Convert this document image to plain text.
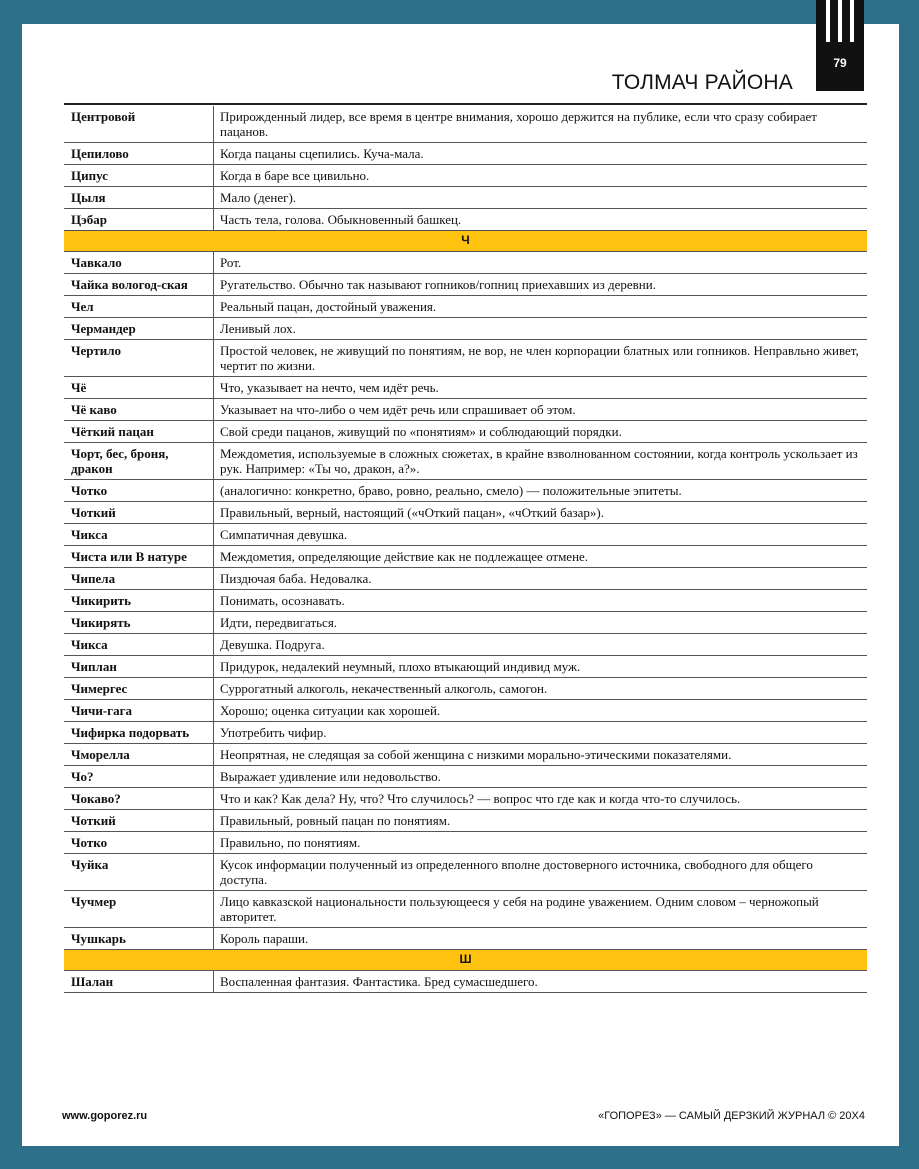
79
ТОЛМАЧ РАЙОНА
Центровой	Прирожденный лидер, все время в центре внимания, хорошо держится на публике, если что сразу собирает пацанов.
Цепилово	Когда пацаны сцепились. Куча-мала.
Ципус	Когда в баре все цивильно.
Цыля	Мало (денег).
Цэбар	Часть тела, голова. Обыкновенный башкец.
Ч	
Чавкало	Рот.
Чайка вологод-ская	Ругательство. Обычно так называют гопников/гопниц приехавших из деревни.
Чел	Реальный пацан, достойный уважения.
Чермандер	Ленивый лох.
Чертило	Простой человек, не живущий по понятиям, не вор, не член корпорации блатных или гопников. Неправльно живет, чертит по жизни.
Чё	Что, указывает на нечто, чем идёт речь.
Чё каво	Указывает на что-либо о чем идёт речь или спрашивает об этом.
Чёткий пацан	Свой среди пацанов, живущий по «понятиям» и соблюдающий порядки.
Чорт, бес, броня, дракон	Междометия, используемые в сложных сюжетах, в крайне взволнованном состоянии, когда контроль ускользает из рук. Например: «Ты чо, дракон, а?».
Чотко	(аналогично: конкретно, браво, ровно, реально, смело) — положительные эпитеты.
Чоткий	Правильный, верный, настоящий («чОткий пацан», «чОткий базар»).
Чикса	Симпатичная девушка.
Чиста или В натуре	Междометия, определяющие действие как не подлежащее отмене.
Чипела	Пиздючая баба. Недовалка.
Чикирить	Понимать, осознавать.
Чикирять	Идти, передвигаться.
Чикса	Девушка. Подруга.
Чиплан	Придурок, недалекий неумный, плохо втыкающий индивид муж.
Чимергес	Суррогатный алкоголь, некачественный алкоголь, самогон.
Чичи-гага	Хорошо; оценка ситуации как хорошей.
Чифирка подорвать	Употребить чифир.
Чморелла	Неопрятная, не следящая за собой женщина с низкими морально-этическими показателями.
Чо?	Выражает удивление или недовольство.
Чокаво?	Что и как? Как дела? Ну, что? Что случилось? — вопрос что где как и когда что-то случилось.
Чоткий	Правильный, ровный пацан по понятиям.
Чотко	Правильно, по понятиям.
Чуйка	Кусок информации полученный из определенного вполне достоверного источника, свободного для общего доступа.
Чучмер	Лицо кавказской национальности пользующееся у себя на родине уважением. Одним словом – черножопый авторитет.
Чушкарь	Король параши.
Ш	
Шалан	Воспаленная фантазия. Фантастика. Бред сумасшедшего.
www.goporez.ru	«ГОПОРЕЗ» — САМЫЙ ДЕРЗКИЙ ЖУРНАЛ © 20Х4
